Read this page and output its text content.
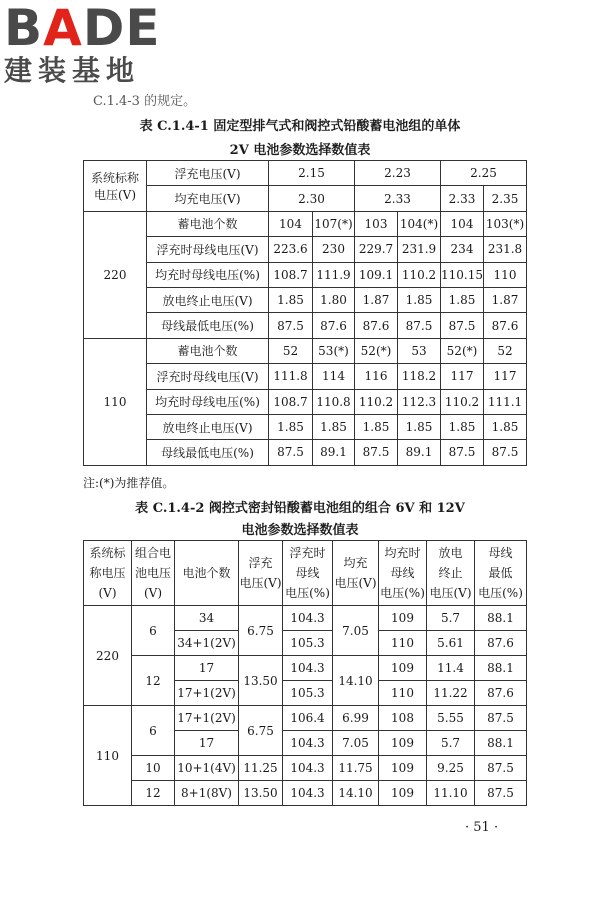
BADE
建装基地
C.1.4-3 的规定。
表 C.1.4-1 固定型排气式和阀控式铅酸蓄电池组的单体
2V 电池参数选择数值表
系统标称
电压(V)	浮充电压(V)	2.15		2.23		2.25	
	均充电压(V)	2.30		2.33		2.33	2.35
220	蓄电池个数	104	107(*)	103	104(*)	104	103(*)
	浮充时母线电压(V)	223.6	230	229.7	231.9	234	231.8
	均充时母线电压(%)	108.7	111.9	109.1	110.2	110.15	110
	放电终止电压(V)	1.85	1.80	1.87	1.85	1.85	1.87
	母线最低电压(%)	87.5	87.6	87.6	87.5	87.5	87.6
110	蓄电池个数	52	53(*)	52(*)	53	52(*)	52
	浮充时母线电压(V)	111.8	114	116	118.2	117	117
	均充时母线电压(%)	108.7	110.8	110.2	112.3	110.2	111.1
	放电终止电压(V)	1.85	1.85	1.85	1.85	1.85	1.85
	母线最低电压(%)	87.5	89.1	87.5	89.1	87.5	87.5
注:(*)为推荐值。
表 C.1.4-2 阀控式密封铅酸蓄电池组的组合 6V 和 12V
电池参数选择数值表
系统标
称电压
(V)	组合电
池电压
(V)	电池个数	浮充
电压(V)	浮充时
母线
电压(%)	均充
电压(V)	均充时
母线
电压(%)	放电
终止
电压(V)	母线
最低
电压(%)

220	6	34	6.75	104.3	7.05	109	5.7	88.1
		34+1(2V)		105.3		110	5.61	87.6
	12	17	13.50	104.3	14.10	109	11.4	88.1
		17+1(2V)		105.3		110	11.22	87.6
110	6	17+1(2V)	6.75	106.4	6.99	108	5.55	87.5
		17		104.3	7.05	109	5.7	88.1
	10	10+1(4V)	11.25	104.3	11.75	109	9.25	87.5
	12	8+1(8V)	13.50	104.3	14.10	109	11.10	87.5
· 51 ·
